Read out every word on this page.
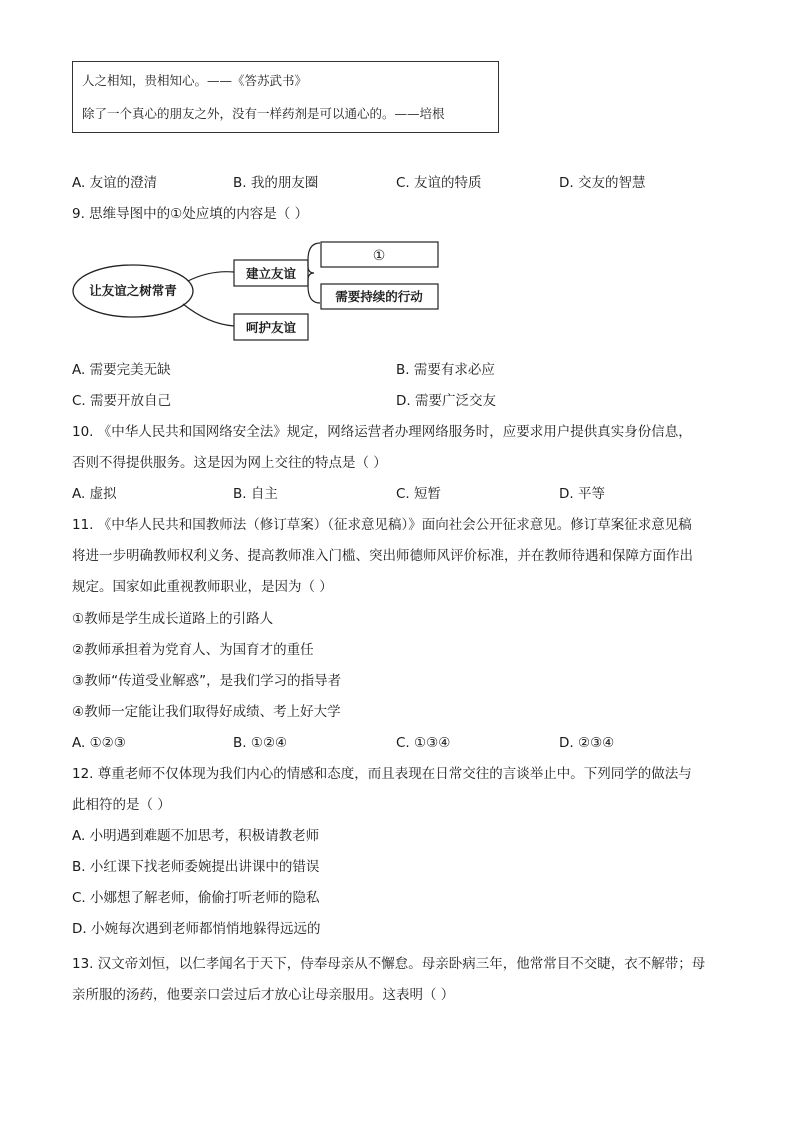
人之相知，贵相知心。——《答苏武书》
除了一个真心的朋友之外，没有一样药剂是可以通心的。——培根
A. 友谊的澄清	B. 我的朋友圈	C. 友谊的特质	D. 交友的智慧
9. 思维导图中的①处应填的内容是（ ）
让友谊之树常青
建立友谊
呵护友谊
①
需要持续的行动
A. 需要完美无缺	B. 需要有求必应
C. 需要开放自己	D. 需要广泛交友
10. 《中华人民共和国网络安全法》规定，网络运营者办理网络服务时，应要求用户提供真实身份信息，
否则不得提供服务。这是因为网上交往的特点是（ ）
A. 虚拟	B. 自主	C. 短暂	D. 平等
11. 《中华人民共和国教师法（修订草案）（征求意见稿）》面向社会公开征求意见。修订草案征求意见稿
将进一步明确教师权利义务、提高教师准入门槛、突出师德师风评价标准，并在教师待遇和保障方面作出
规定。国家如此重视教师职业，是因为（ ）
①教师是学生成长道路上的引路人
②教师承担着为党育人、为国育才的重任
③教师“传道受业解惑”，是我们学习的指导者
④教师一定能让我们取得好成绩、考上好大学
A. ①②③	B. ①②④	C. ①③④	D. ②③④
12. 尊重老师不仅体现为我们内心的情感和态度，而且表现在日常交往的言谈举止中。下列同学的做法与
此相符的是（ ）
A. 小明遇到难题不加思考，积极请教老师
B. 小红课下找老师委婉提出讲课中的错误
C. 小娜想了解老师，偷偷打听老师的隐私
D. 小婉每次遇到老师都悄悄地躲得远远的
13. 汉文帝刘恒，以仁孝闻名于天下，侍奉母亲从不懈怠。母亲卧病三年，他常常目不交睫，衣不解带；母
亲所服的汤药，他要亲口尝过后才放心让母亲服用。这表明（ ）
